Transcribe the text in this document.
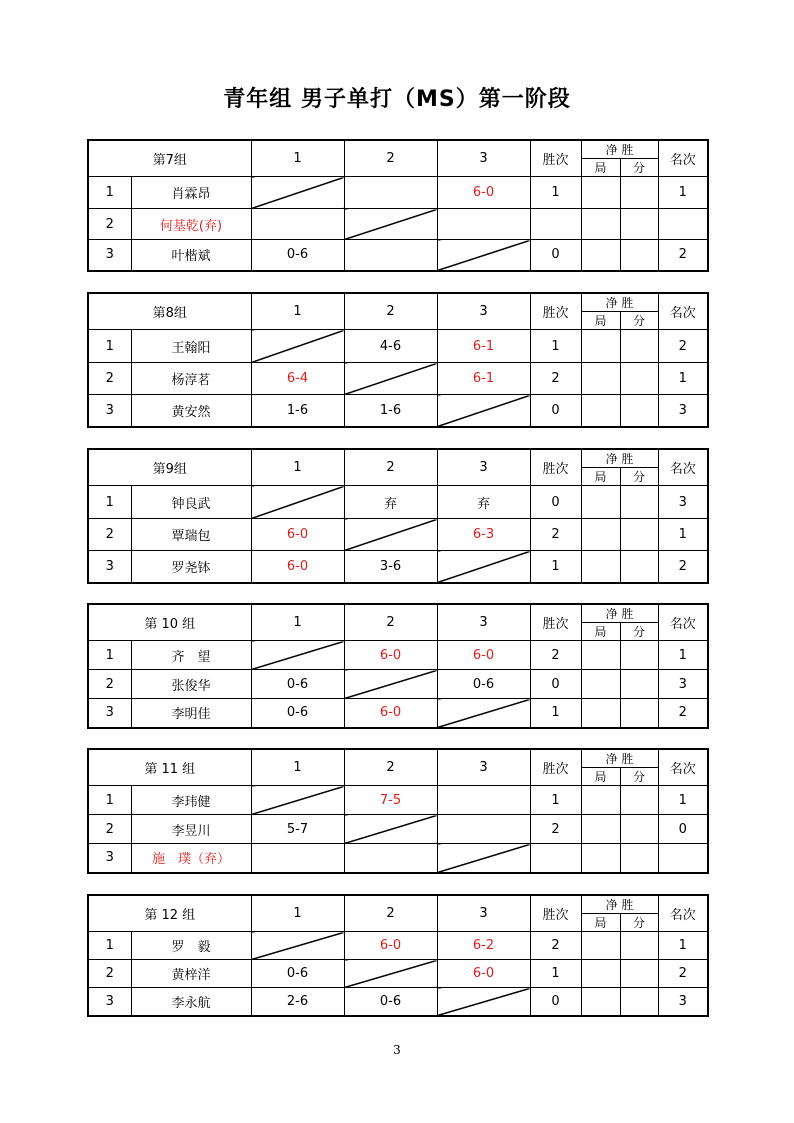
青年组 男子单打（MS）第一阶段
第7组		1	2	3	胜次	净 胜		名次
						局	分	
1	肖霖昂			6-0	1			1
2	何基乾(弃)							
3	叶楷斌	0-6			0			2
第8组		1	2	3	胜次	净 胜		名次
						局	分	
1	王翰阳		4-6	6-1	1			2
2	杨淳茗	6-4		6-1	2			1
3	黄安然	1-6	1-6		0			3
第9组		1	2	3	胜次	净 胜		名次
						局	分	
1	钟良武		弃	弃	0			3
2	覃瑞包	6-0		6-3	2			1
3	罗尧钵	6-0	3-6		1			2
第 10 组		1	2	3	胜次	净 胜		名次
						局	分	
1	齐　望		6-0	6-0	2			1
2	张俊华	0-6		0-6	0			3
3	李明佳	0-6	6-0		1			2
第 11 组		1	2	3	胜次	净 胜		名次
						局	分	
1	李玮健		7-5		1			1
2	李昱川	5-7			2			0
3	施　璞（弃）							
第 12 组		1	2	3	胜次	净 胜		名次
						局	分	
1	罗　毅		6-0	6-2	2			1
2	黄梓洋	0-6		6-0	1			2
3	李永航	2-6	0-6		0			3
3
